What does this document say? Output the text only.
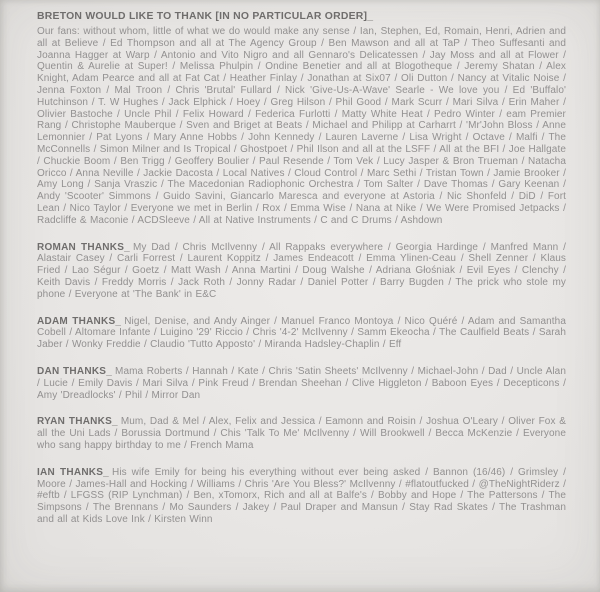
BRETON WOULD LIKE TO THANK [IN NO PARTICULAR ORDER]_

Our fans: without whom, little of what we do would make any sense / Ian, Stephen, Ed, Romain, Henri, Adrien and all at Believe / Ed Thompson and all at The Agency Group / Ben Mawson and all at TaP / Theo Suffesanti and Joanna Hagger at Warp / Antonio and Vito Nigro and all Gennaro's Delicatessen / Jay Moss and all at Flower / Quentin & Aurelie at Super! / Melissa Phulpin / Ondine Benetier and all at Blogotheque / Jeremy Shatan / Alex Knight, Adam Pearce and all at Fat Cat / Heather Finlay / Jonathan at Six07 / Oli Dutton / Nancy at Vitalic Noise / Jenna Foxton / Mal Troon / Chris 'Brutal' Fullard / Nick 'Give-Us-A-Wave' Searle - We love you / Ed 'Buffalo' Hutchinson / T. W Hughes / Jack Elphick / Hoey / Greg Hilson / Phil Good / Mark Scurr / Mari Silva / Erin Maher / Olivier Bastoche / Uncle Phil / Felix Howard / Federica Furlotti / Matty White Heat / Pedro Winter / eam Premier Rang / Christophe Mauberque / Sven and Briget at Beats / Michael and Philipp at Carharrt / 'Mr'John Bloss / Anne Lemonnier / Pat Lyons / Mary Anne Hobbs / John Kennedy / Lauren Laverne / Lisa Wright / Octave / Malfi / The McConnells / Simon Milner and Is Tropical / Ghostpoet / Phil Ilson and all at the LSFF / All at the BFI / Joe Hallgate / Chuckie Boom / Ben Trigg / Geoffery Boulier / Paul Resende / Tom Vek / Lucy Jasper & Bron Trueman / Natacha Oricco / Anna Neville / Jackie Dacosta / Local Natives / Cloud Control / Marc Sethi / Tristan Town / Jamie Brooker / Amy Long / Sanja Vraszic / The Macedonian Radiophonic Orchestra / Tom Salter / Dave Thomas / Gary Keenan / Andy 'Scooter' Simmons / Guido Savini, Giancarlo Maresca and everyone at Astoria / Nic Shonfeld / DiD / Fort Lean / Nico Taylor / Everyone we met in Berlin / Rox / Emma Wise / Nana at Nike / We Were Promised Jetpacks / Radcliffe & Maconie / ACDSleeve / All at Native Instruments / C and C Drums / Ashdown

ROMAN THANKS_ My Dad / Chris McIlvenny / All Rappaks everywhere / Georgia Hardinge / Manfred Mann / Alastair Casey / Carli Forrest / Laurent Koppitz / James Endeacott / Emma Ylinen-Ceau / Shell Zenner / Klaus Fried / Lao Ségur / Goetz / Matt Wash / Anna Martini / Doug Walshe / Adriana Głośniak / Evil Eyes / Clenchy / Keith Davis / Freddy Morris / Jack Roth / Jonny Radar / Daniel Potter / Barry Bugden / The prick who stole my phone / Everyone at 'The Bank' in E&C

ADAM THANKS_ Nigel, Denise, and Andy Ainger / Manuel Franco Montoya / Nico Quéré / Adam and Samantha Cobell / Altomare Infante / Luigino '29' Riccio / Chris '4-2' McIlvenny / Samm Ekeocha / The Caulfield Beats / Sarah Jaber / Wonky Freddie / Claudio 'Tutto Apposto' / Miranda Hadsley-Chaplin / Eff

DAN THANKS_ Mama Roberts / Hannah / Kate / Chris 'Satin Sheets' McIlvenny / Michael-John / Dad / Uncle Alan / Lucie / Emily Davis / Mari Silva / Pink Freud / Brendan Sheehan / Clive Higgleton / Baboon Eyes / Decepticons / Amy 'Dreadlocks' / Phil / Mirror Dan

RYAN THANKS_ Mum, Dad & Mel / Alex, Felix and Jessica / Eamonn and Roisin / Joshua O'Leary / Oliver Fox & all the Uni Lads / Borussia Dortmund / Chis 'Talk To Me' McIlvenny / Will Brookwell / Becca McKenzie / Everyone who sang happy birthday to me / French Mama

IAN THANKS_ His wife Emily for being his everything without ever being asked / Bannon (16/46) / Grimsley / Moore / James-Hall and Hocking / Williams / Chris 'Are You Bless?' McIlvenny / #flatoutfucked / @TheNightRiderz / #eftb / LFGSS (RIP Lynchman) / Ben, xTomorx, Rich and all at Balfe's / Bobby and Hope / The Pattersons / The Simpsons / The Brennans / Mo Saunders / Jakey / Paul Draper and Mansun / Stay Rad Skates / The Trashman and all at Kids Love Ink / Kirsten Winn
